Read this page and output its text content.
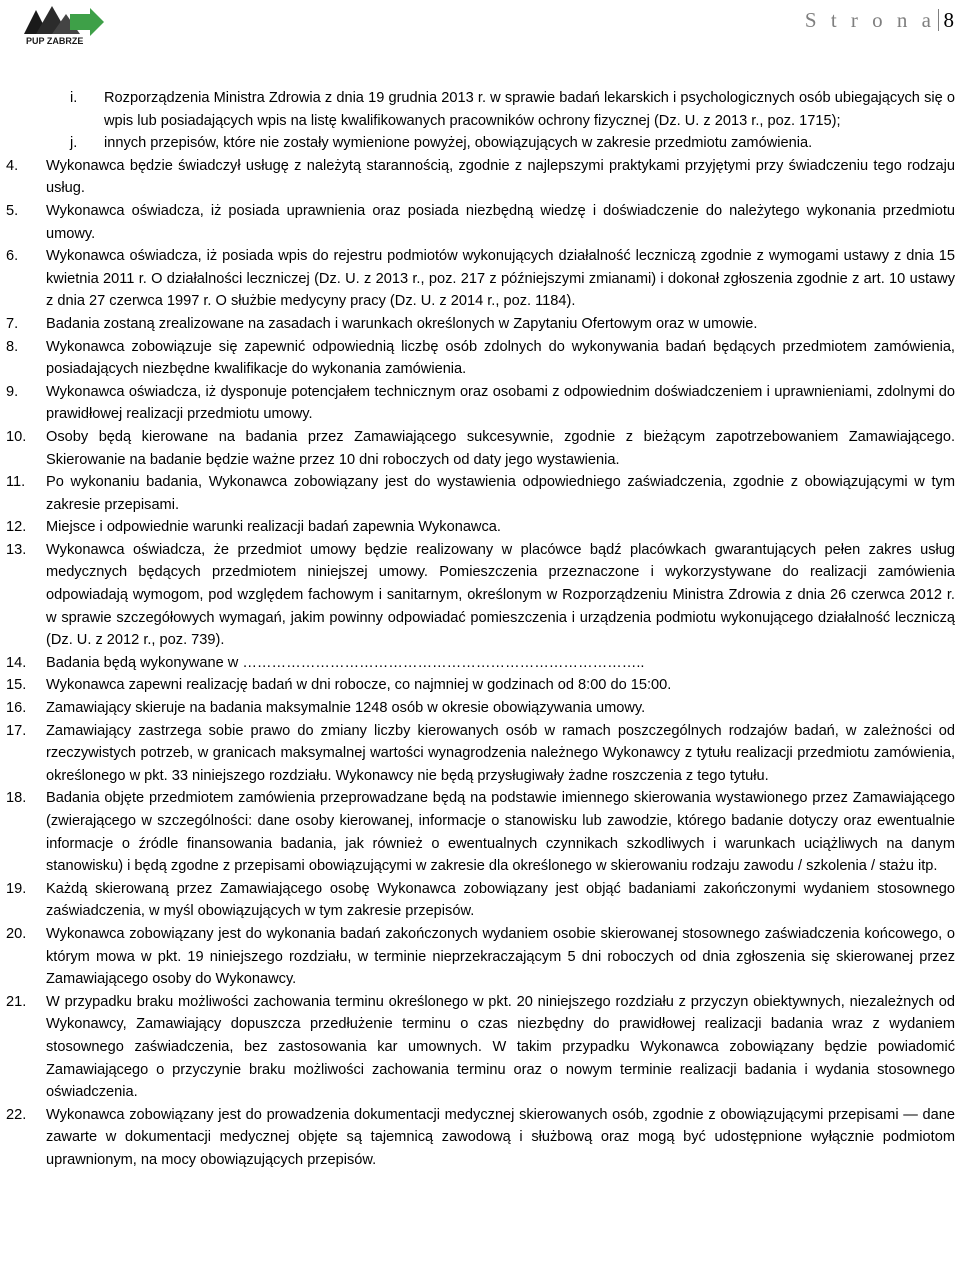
PUP ZABRZE
S t r o n a 8
i.	Rozporządzenia Ministra Zdrowia z dnia 19 grudnia 2013 r. w sprawie badań lekarskich i psychologicznych osób ubiegających się o wpis lub posiadających wpis na listę kwalifikowanych pracowników ochrony fizycznej (Dz. U. z 2013 r., poz. 1715);
j.	innych przepisów, które nie zostały wymienione powyżej, obowiązujących w zakresie przedmiotu zamówienia.
4.	Wykonawca będzie świadczył usługę z należytą starannością, zgodnie z najlepszymi praktykami przyjętymi przy świadczeniu tego rodzaju usług.
5.	Wykonawca oświadcza, iż posiada uprawnienia oraz posiada niezbędną wiedzę i doświadczenie do należytego wykonania przedmiotu umowy.
6.	Wykonawca oświadcza, iż posiada wpis do rejestru podmiotów wykonujących działalność leczniczą zgodnie z wymogami ustawy z dnia 15 kwietnia 2011 r. O działalności leczniczej (Dz. U. z 2013 r., poz. 217 z późniejszymi zmianami) i dokonał zgłoszenia zgodnie z art. 10 ustawy z dnia 27 czerwca 1997 r. O służbie medycyny pracy (Dz. U. z 2014 r., poz. 1184).
7.	Badania zostaną zrealizowane na zasadach i warunkach określonych w Zapytaniu Ofertowym oraz w umowie.
8.	Wykonawca zobowiązuje się zapewnić odpowiednią liczbę osób zdolnych do wykonywania badań będących przedmiotem zamówienia, posiadających niezbędne kwalifikacje do wykonania zamówienia.
9.	Wykonawca oświadcza, iż dysponuje potencjałem technicznym oraz osobami z odpowiednim doświadczeniem i uprawnieniami, zdolnymi do prawidłowej realizacji przedmiotu umowy.
10.	Osoby będą kierowane na badania przez Zamawiającego sukcesywnie, zgodnie z bieżącym zapotrzebowaniem Zamawiającego. Skierowanie na badanie będzie ważne przez 10 dni roboczych od daty jego wystawienia.
11.	Po wykonaniu badania, Wykonawca zobowiązany jest do wystawienia odpowiedniego zaświadczenia, zgodnie z obowiązującymi w tym zakresie przepisami.
12.	Miejsce i odpowiednie warunki realizacji badań zapewnia Wykonawca.
13.	Wykonawca oświadcza, że przedmiot umowy będzie realizowany w placówce bądź placówkach gwarantujących pełen zakres usług medycznych będących przedmiotem niniejszej umowy. Pomieszczenia przeznaczone i wykorzystywane do realizacji zamówienia odpowiadają wymogom, pod względem fachowym i sanitarnym, określonym w Rozporządzeniu Ministra Zdrowia z dnia 26 czerwca 2012 r. w sprawie szczegółowych wymagań, jakim powinny odpowiadać pomieszczenia i urządzenia podmiotu wykonującego działalność leczniczą (Dz. U. z 2012 r., poz. 739).
14.	Badania będą wykonywane w ………………………………………………………………………..
15.	Wykonawca zapewni realizację badań w dni robocze, co najmniej w godzinach od 8:00 do 15:00.
16.	Zamawiający skieruje na badania maksymalnie 1248 osób w okresie obowiązywania umowy.
17.	Zamawiający zastrzega sobie prawo do zmiany liczby kierowanych osób w ramach poszczególnych rodzajów badań, w zależności od rzeczywistych potrzeb, w granicach maksymalnej wartości wynagrodzenia należnego Wykonawcy z tytułu realizacji przedmiotu zamówienia, określonego w pkt. 33 niniejszego rozdziału. Wykonawcy nie będą przysługiwały żadne roszczenia z tego tytułu.
18.	Badania objęte przedmiotem zamówienia przeprowadzane będą na podstawie imiennego skierowania wystawionego przez Zamawiającego (zwierającego w szczególności: dane osoby kierowanej, informacje o stanowisku lub zawodzie, którego badanie dotyczy oraz ewentualnie informacje o źródle finansowania badania, jak również o ewentualnych czynnikach szkodliwych i warunkach uciążliwych na danym stanowisku) i będą zgodne z przepisami obowiązującymi w zakresie dla określonego w skierowaniu rodzaju zawodu / szkolenia / stażu itp.
19.	Każdą skierowaną przez Zamawiającego osobę Wykonawca zobowiązany jest objąć badaniami zakończonymi wydaniem stosownego zaświadczenia, w myśl obowiązujących w tym zakresie przepisów.
20.	Wykonawca zobowiązany jest do wykonania badań zakończonych wydaniem osobie skierowanej stosownego zaświadczenia końcowego, o którym mowa w pkt. 19 niniejszego rozdziału, w terminie nieprzekraczającym 5 dni roboczych od dnia zgłoszenia się skierowanej przez Zamawiającego osoby do Wykonawcy.
21.	W przypadku braku możliwości zachowania terminu określonego w pkt. 20 niniejszego rozdziału z przyczyn obiektywnych, niezależnych od Wykonawcy, Zamawiający dopuszcza przedłużenie terminu o czas niezbędny do prawidłowej realizacji badania wraz z wydaniem stosownego zaświadczenia, bez zastosowania kar umownych. W takim przypadku Wykonawca zobowiązany będzie powiadomić Zamawiającego o przyczynie braku możliwości zachowania terminu oraz o nowym terminie realizacji badania i wydania stosownego oświadczenia.
22.	Wykonawca zobowiązany jest do prowadzenia dokumentacji medycznej skierowanych osób, zgodnie z obowiązującymi przepisami — dane zawarte w dokumentacji medycznej objęte są tajemnicą zawodową i służbową oraz mogą być udostępnione wyłącznie podmiotom uprawnionym, na mocy obowiązujących przepisów.
